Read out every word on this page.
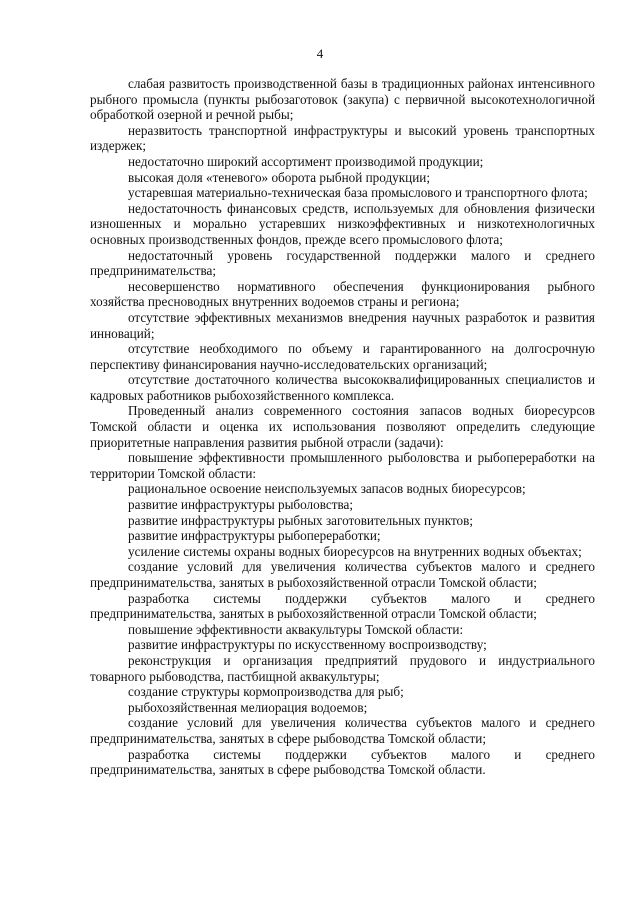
4

слабая развитость производственной базы в традиционных районах интенсивного рыбного промысла (пункты рыбозаготовок (закупа) с первичной высокотехнологичной обработкой озерной и речной рыбы;

неразвитость транспортной инфраструктуры и высокий уровень транспортных издержек;

недостаточно широкий ассортимент производимой продукции;

высокая доля «теневого» оборота рыбной продукции;

устаревшая материально-техническая база промыслового и транспортного флота;

недостаточность финансовых средств, используемых для обновления физически изношенных и морально устаревших низкоэффективных и низкотехнологичных основных производственных фондов, прежде всего промыслового флота;

недостаточный уровень государственной поддержки малого и среднего предпринимательства;

несовершенство нормативного обеспечения функционирования рыбного хозяйства пресноводных внутренних водоемов страны и региона;

отсутствие эффективных механизмов внедрения научных разработок и развития инноваций;

отсутствие необходимого по объему и гарантированного на долгосрочную перспективу финансирования научно-исследовательских организаций;

отсутствие достаточного количества высококвалифицированных специалистов и кадровых работников рыбохозяйственного комплекса.

Проведенный анализ современного состояния запасов водных биоресурсов Томской области и оценка их использования позволяют определить следующие приоритетные направления развития рыбной отрасли (задачи):

повышение эффективности промышленного рыболовства и рыбопереработки на территории Томской области:

рациональное освоение неиспользуемых запасов водных биоресурсов;

развитие инфраструктуры рыболовства;

развитие инфраструктуры рыбных заготовительных пунктов;

развитие инфраструктуры рыбопереработки;

усиление системы охраны водных биоресурсов на внутренних водных объектах;

создание условий для увеличения количества субъектов малого и среднего предпринимательства, занятых в рыбохозяйственной отрасли Томской области;

разработка системы поддержки субъектов малого и среднего предпринимательства, занятых в рыбохозяйственной отрасли Томской области;

повышение эффективности аквакультуры Томской области:

развитие инфраструктуры по искусственному воспроизводству;

реконструкция и организация предприятий прудового и индустриального товарного рыбоводства, пастбищной аквакультуры;

создание структуры кормопроизводства для рыб;

рыбохозяйственная мелиорация водоемов;

создание условий для увеличения количества субъектов малого и среднего предпринимательства, занятых в сфере рыбоводства Томской области;

разработка системы поддержки субъектов малого и среднего предпринимательства, занятых в сфере рыбоводства Томской области.
